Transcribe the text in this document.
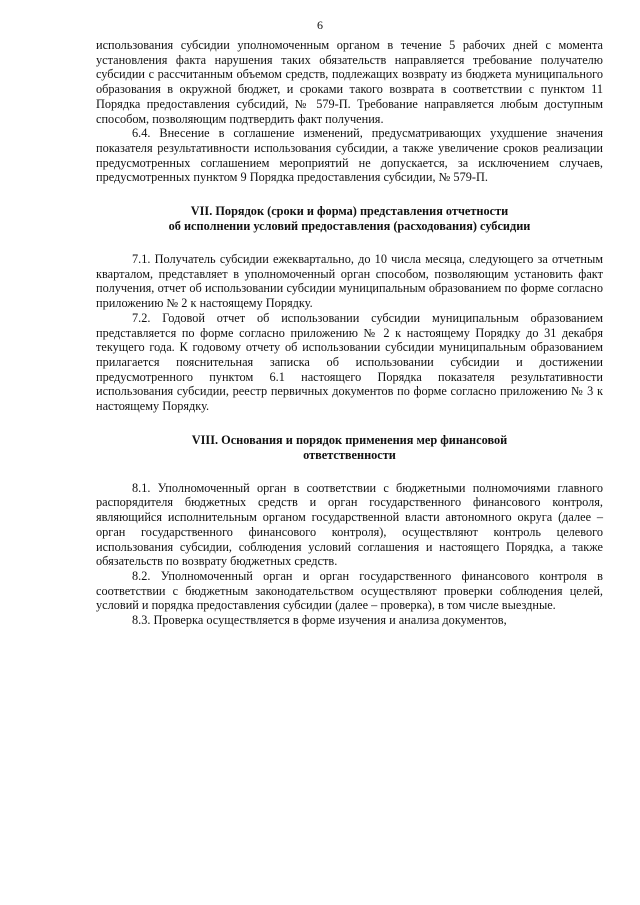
6

использования субсидии уполномоченным органом в течение 5 рабочих дней с момента установления факта нарушения таких обязательств направляется требование получателю субсидии с рассчитанным объемом средств, подлежащих возврату из бюджета муниципального образования в окружной бюджет, и сроками такого возврата в соответствии с пунктом 11 Порядка предоставления субсидий, № 579-П. Требование направляется любым доступным способом, позволяющим подтвердить факт получения.

6.4. Внесение в соглашение изменений, предусматривающих ухудшение значения показателя результативности использования субсидии, а также увеличение сроков реализации предусмотренных соглашением мероприятий не допускается, за исключением случаев, предусмотренных пунктом 9 Порядка предоставления субсидии, № 579-П.

VII. Порядок (сроки и форма) представления отчетности
об исполнении условий предоставления (расходования) субсидии

7.1. Получатель субсидии ежеквартально, до 10 числа месяца, следующего за отчетным кварталом, представляет в уполномоченный орган способом, позволяющим установить факт получения, отчет об использовании субсидии муниципальным образованием по форме согласно приложению № 2 к настоящему Порядку.

7.2. Годовой отчет об использовании субсидии муниципальным образованием представляется по форме согласно приложению № 2 к настоящему Порядку до 31 декабря текущего года. К годовому отчету об использовании субсидии муниципальным образованием прилагается пояснительная записка об использовании субсидии и достижении предусмотренного пунктом 6.1 настоящего Порядка показателя результативности использования субсидии, реестр первичных документов по форме согласно приложению № 3 к настоящему Порядку.

VIII. Основания и порядок применения мер финансовой
ответственности

8.1. Уполномоченный орган в соответствии с бюджетными полномочиями главного распорядителя бюджетных средств и орган государственного финансового контроля, являющийся исполнительным органом государственной власти автономного округа (далее – орган государственного финансового контроля), осуществляют контроль целевого использования субсидии, соблюдения условий соглашения и настоящего Порядка, а также обязательств по возврату бюджетных средств.

8.2. Уполномоченный орган и орган государственного финансового контроля в соответствии с бюджетным законодательством осуществляют проверки соблюдения целей, условий и порядка предоставления субсидии (далее – проверка), в том числе выездные.

8.3. Проверка осуществляется в форме изучения и анализа документов,
